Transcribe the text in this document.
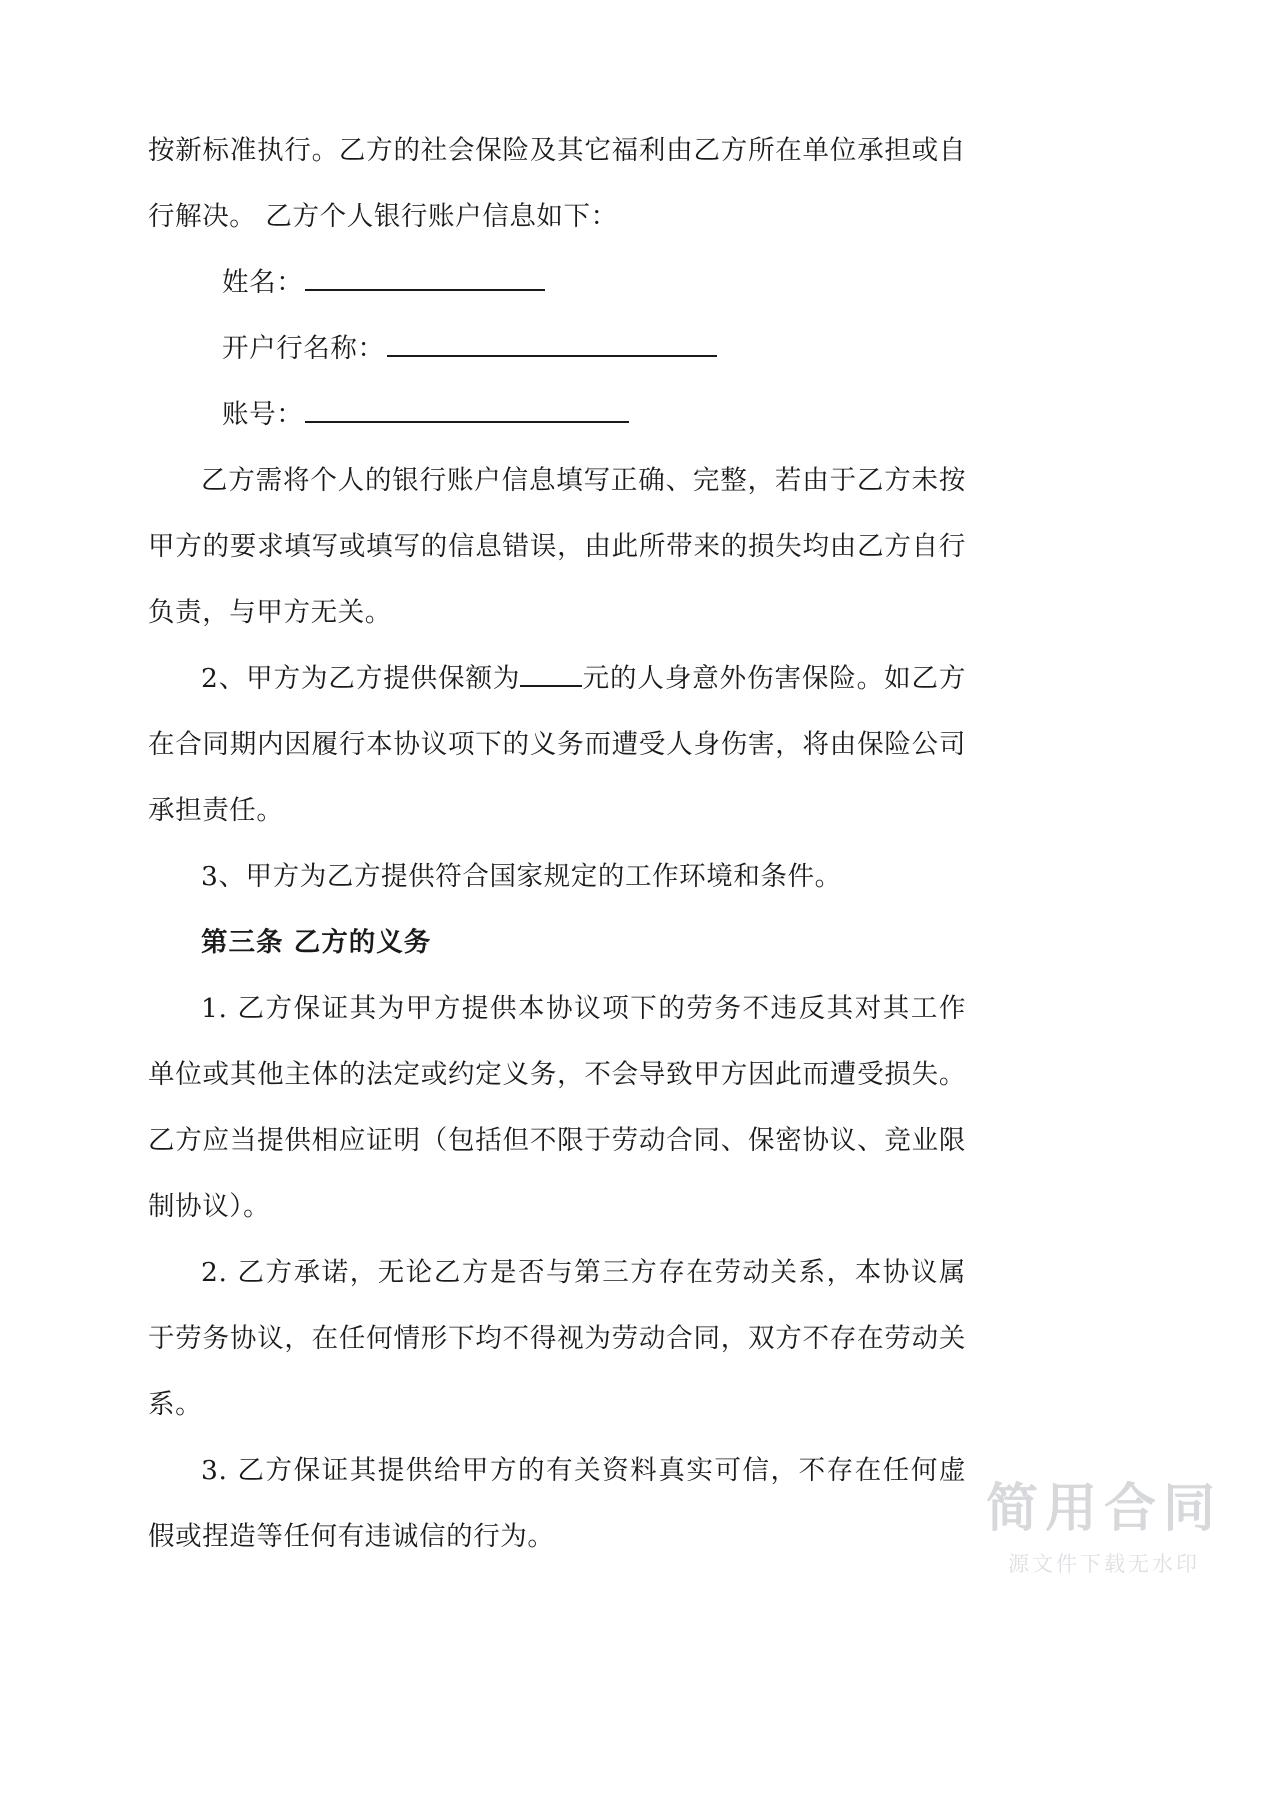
按新标准执行。乙方的社会保险及其它福利由乙方所在单位承担或自行解决。 乙方个人银行账户信息如下：

姓名：
开户行名称：
账号：

乙方需将个人的银行账户信息填写正确、完整，若由于乙方未按甲方的要求填写或填写的信息错误，由此所带来的损失均由乙方自行负责，与甲方无关。

2、甲方为乙方提供保额为 元的人身意外伤害保险。如乙方在合同期内因履行本协议项下的义务而遭受人身伤害，将由保险公司承担责任。

3、甲方为乙方提供符合国家规定的工作环境和条件。

第三条 乙方的义务

1. 乙方保证其为甲方提供本协议项下的劳务不违反其对其工作单位或其他主体的法定或约定义务，不会导致甲方因此而遭受损失。乙方应当提供相应证明（包括但不限于劳动合同、保密协议、竞业限制协议）。

2. 乙方承诺，无论乙方是否与第三方存在劳动关系，本协议属于劳务协议，在任何情形下均不得视为劳动合同，双方不存在劳动关系。

3. 乙方保证其提供给甲方的有关资料真实可信，不存在任何虚假或捏造等任何有违诚信的行为。	简用合同
源文件下载无水印
